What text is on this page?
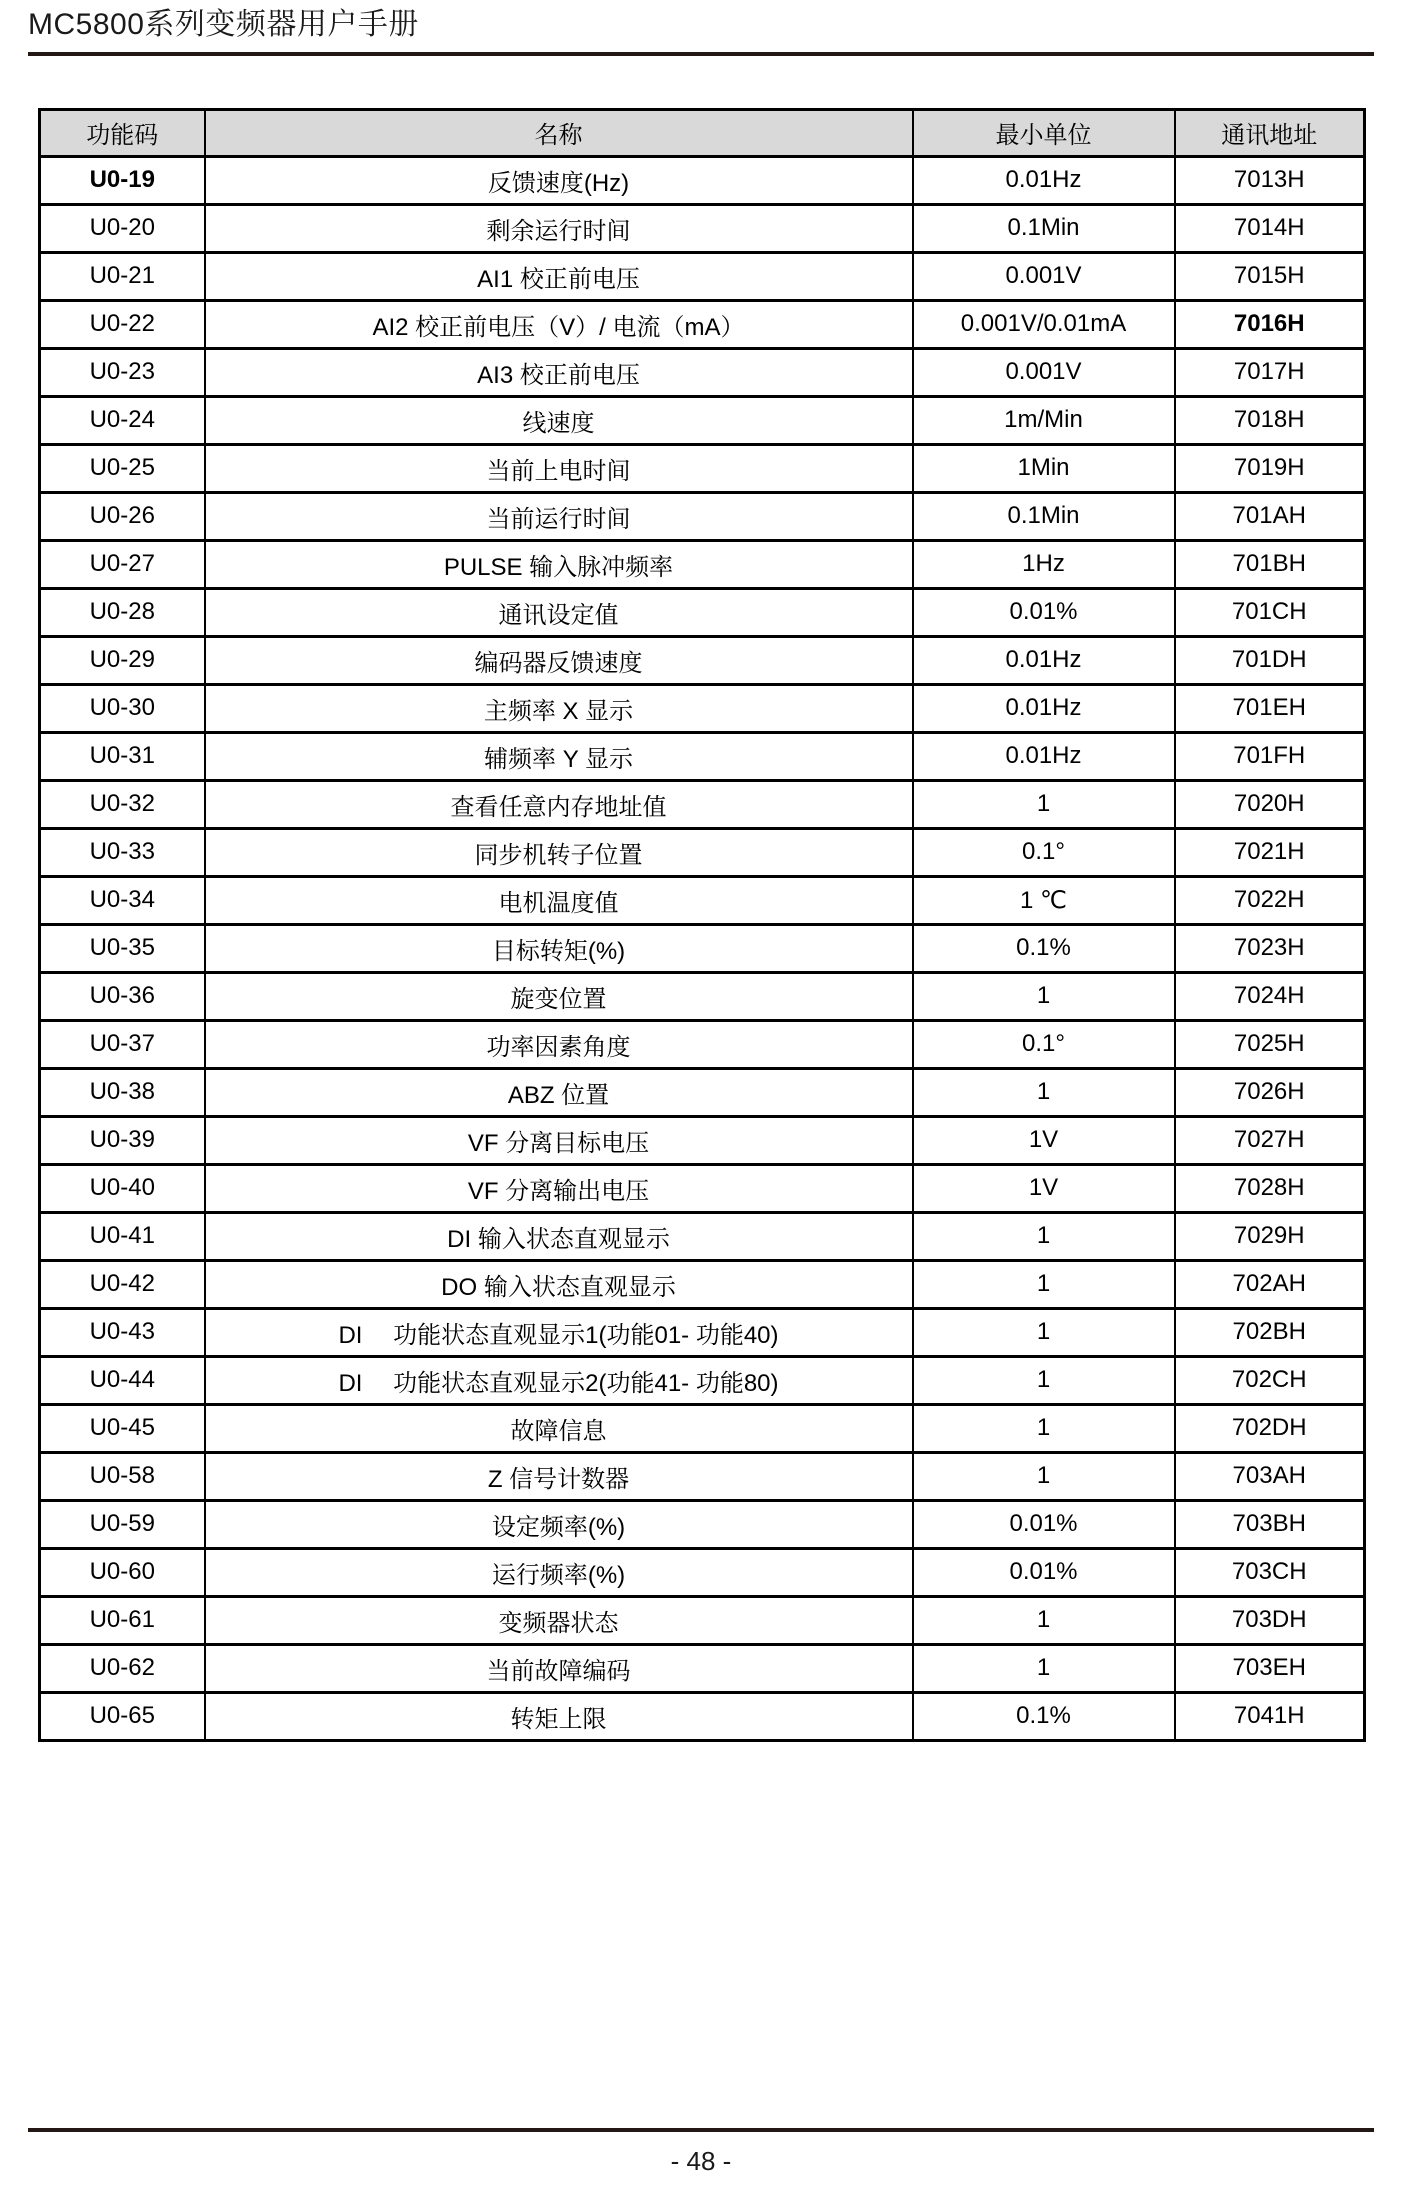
MC5800系列变频器用户手册
功能码	名称	最小单位	通讯地址
U0-19	反馈速度(Hz)	0.01Hz	7013H
U0-20	剩余运行时间	0.1Min	7014H
U0-21	AI1 校正前电压	0.001V	7015H
U0-22	AI2 校正前电压（V）/ 电流（mA）	0.001V/0.01mA	7016H
U0-23	AI3 校正前电压	0.001V	7017H
U0-24	线速度	1m/Min	7018H
U0-25	当前上电时间	1Min	7019H
U0-26	当前运行时间	0.1Min	701AH
U0-27	PULSE 输入脉冲频率	1Hz	701BH
U0-28	通讯设定值	0.01%	701CH
U0-29	编码器反馈速度	0.01Hz	701DH
U0-30	主频率 X 显示	0.01Hz	701EH
U0-31	辅频率 Y 显示	0.01Hz	701FH
U0-32	查看任意内存地址值	1	7020H
U0-33	同步机转子位置	0.1°	7021H
U0-34	电机温度值	1 ℃	7022H
U0-35	目标转矩(%)	0.1%	7023H
U0-36	旋变位置	1	7024H
U0-37	功率因素角度	0.1°	7025H
U0-38	ABZ 位置	1	7026H
U0-39	VF 分离目标电压	1V	7027H
U0-40	VF 分离输出电压	1V	7028H
U0-41	DI 输入状态直观显示	1	7029H
U0-42	DO 输入状态直观显示	1	702AH
U0-43	DI　 功能状态直观显示1(功能01- 功能40)	1	702BH
U0-44	DI　 功能状态直观显示2(功能41- 功能80)	1	702CH
U0-45	故障信息	1	702DH
U0-58	Z 信号计数器	1	703AH
U0-59	设定频率(%)	0.01%	703BH
U0-60	运行频率(%)	0.01%	703CH
U0-61	变频器状态	1	703DH
U0-62	当前故障编码	1	703EH
U0-65	转矩上限	0.1%	7041H
- 48 -
